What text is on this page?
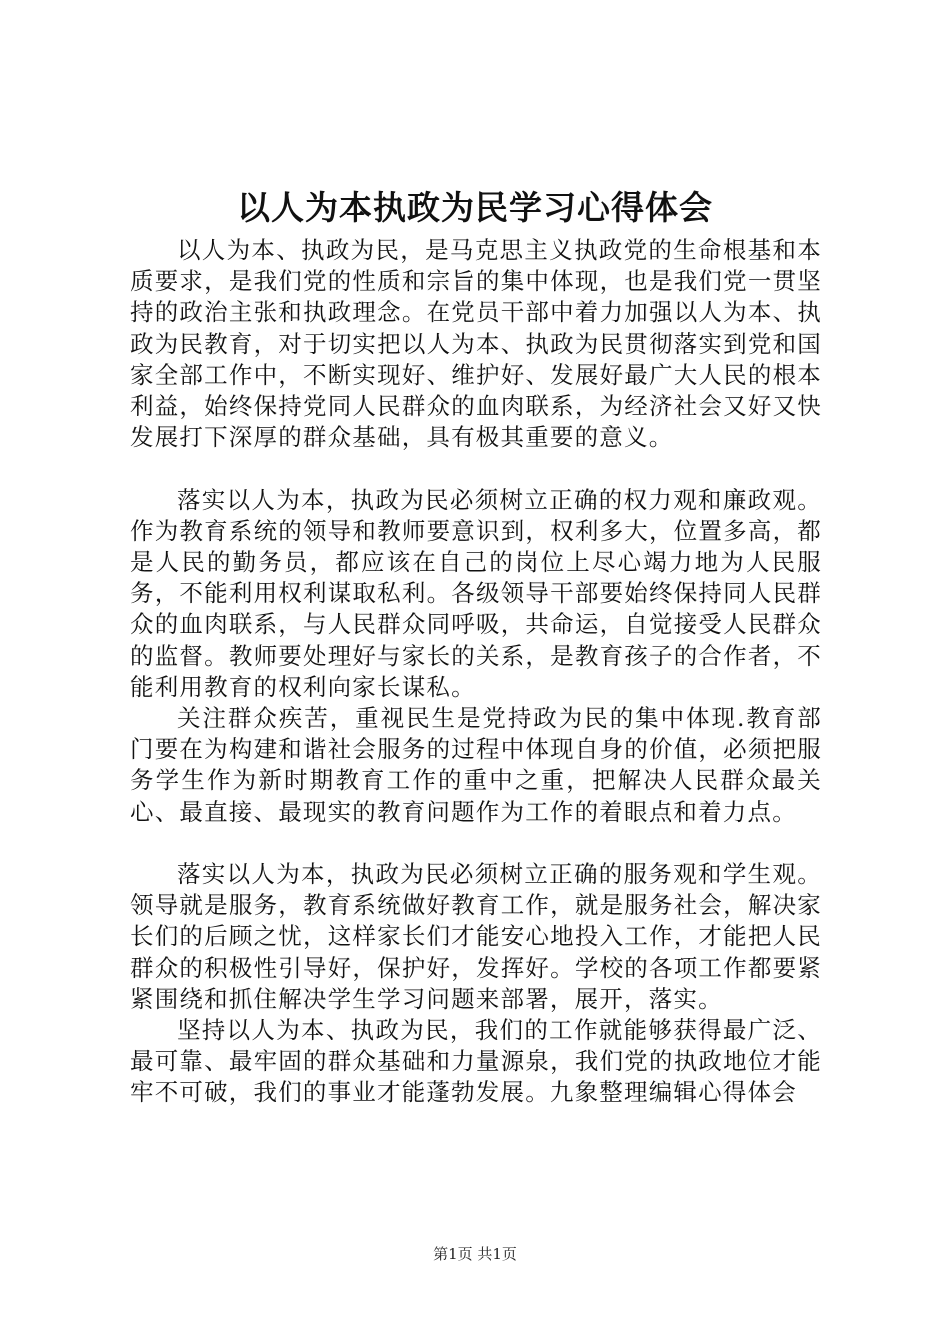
以人为本执政为民学习心得体会

以人为本、执政为民，是马克思主义执政党的生命根基和本质要求，是我们党的性质和宗旨的集中体现，也是我们党一贯坚持的政治主张和执政理念。在党员干部中着力加强以人为本、执政为民教育，对于切实把以人为本、执政为民贯彻落实到党和国家全部工作中，不断实现好、维护好、发展好最广大人民的根本利益，始终保持党同人民群众的血肉联系，为经济社会又好又快发展打下深厚的群众基础，具有极其重要的意义。

落实以人为本，执政为民必须树立正确的权力观和廉政观。作为教育系统的领导和教师要意识到，权利多大，位置多高，都是人民的勤务员，都应该在自己的岗位上尽心竭力地为人民服务，不能利用权利谋取私利。各级领导干部要始终保持同人民群众的血肉联系，与人民群众同呼吸，共命运，自觉接受人民群众的监督。教师要处理好与家长的关系，是教育孩子的合作者，不能利用教育的权利向家长谋私。

关注群众疾苦，重视民生是党持政为民的集中体现.教育部门要在为构建和谐社会服务的过程中体现自身的价值，必须把服务学生作为新时期教育工作的重中之重，把解决人民群众最关心、最直接、最现实的教育问题作为工作的着眼点和着力点。

落实以人为本，执政为民必须树立正确的服务观和学生观。领导就是服务，教育系统做好教育工作，就是服务社会，解决家长们的后顾之忧，这样家长们才能安心地投入工作，才能把人民群众的积极性引导好，保护好，发挥好。学校的各项工作都要紧紧围绕和抓住解决学生学习问题来部署，展开，落实。

坚持以人为本、执政为民，我们的工作就能够获得最广泛、最可靠、最牢固的群众基础和力量源泉，我们党的执政地位才能牢不可破，我们的事业才能蓬勃发展。九象整理编辑心得体会

第1页 共1页
